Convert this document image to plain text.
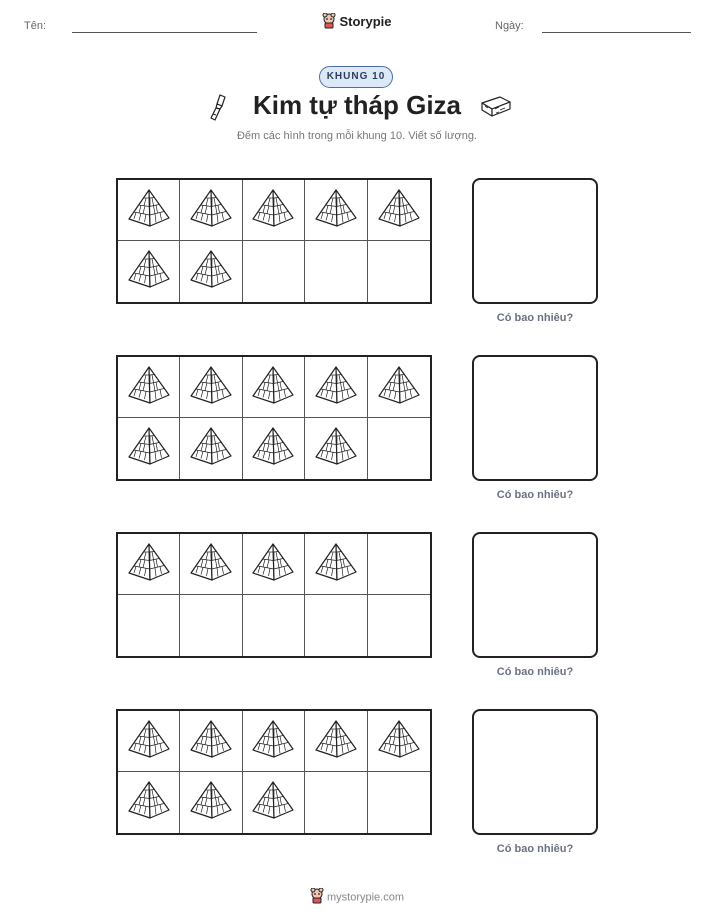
Tên:	Ngày:
Storypie
KHUNG 10
Kim tự tháp Giza
Đếm các hình trong mỗi khung 10. Viết số lượng.
Có bao nhiêu?
Có bao nhiêu?
Có bao nhiêu?
Có bao nhiêu?
mystorypie.com
